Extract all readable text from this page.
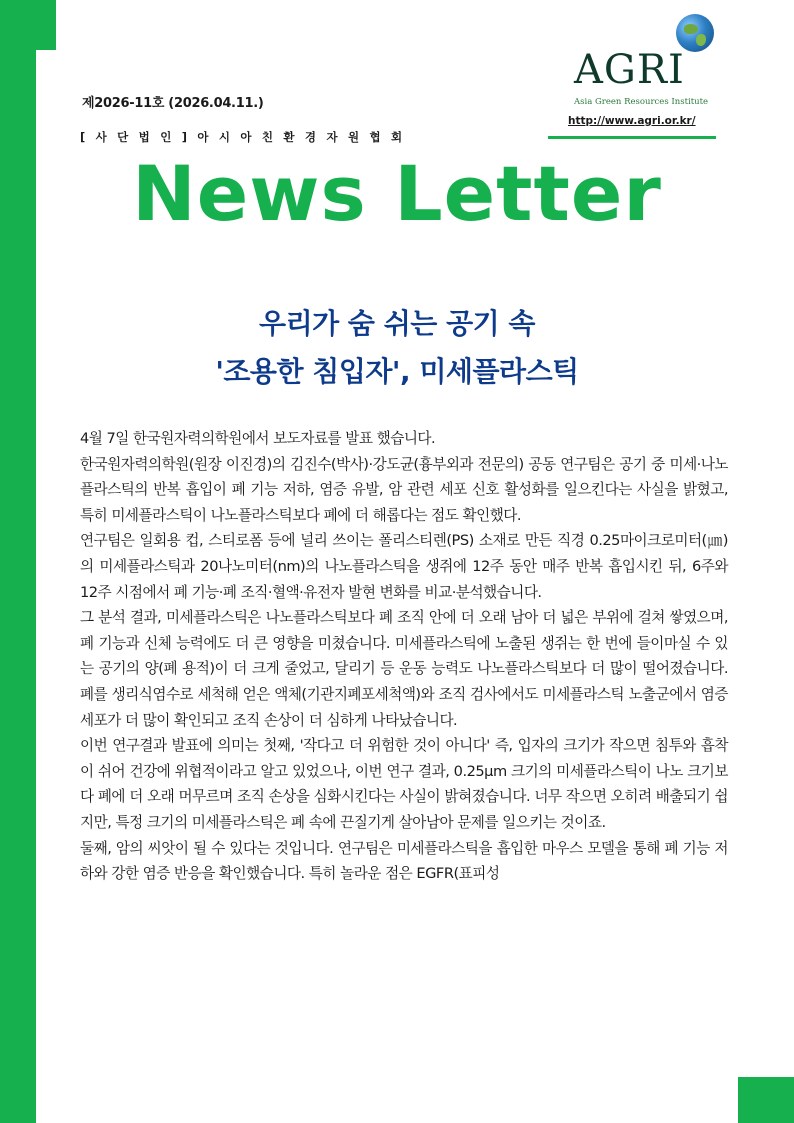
제2026-11호 (2026.04.11.)
[ 사 단 법 인 ] 아 시 아 친 환 경 자 원 협 회
AGRI
Asia Green Resources Institute
http://www.agri.or.kr/
News Letter
우리가 숨 쉬는 공기 속
'조용한 침입자', 미세플라스틱

4월 7일 한국원자력의학원에서 보도자료를 발표 했습니다.

한국원자력의학원(원장 이진경)의 김진수(박사)·강도균(흉부외과 전문의) 공동 연구팀은 공기 중 미세·나노플라스틱의 반복 흡입이 폐 기능 저하, 염증 유발, 암 관련 세포 신호 활성화를 일으킨다는 사실을 밝혔고, 특히 미세플라스틱이 나노플라스틱보다 폐에 더 해롭다는 점도 확인했다.

연구팀은 일회용 컵, 스티로폼 등에 널리 쓰이는 폴리스티렌(PS) 소재로 만든 직경 0.25마이크로미터(㎛)의 미세플라스틱과 20나노미터(nm)의 나노플라스틱을 생쥐에 12주 동안 매주 반복 흡입시킨 뒤, 6주와 12주 시점에서 폐 기능·폐 조직·혈액·유전자 발현 변화를 비교·분석했습니다.

그 분석 결과, 미세플라스틱은 나노플라스틱보다 폐 조직 안에 더 오래 남아 더 넓은 부위에 걸쳐 쌓였으며, 폐 기능과 신체 능력에도 더 큰 영향을 미쳤습니다. 미세플라스틱에 노출된 생쥐는 한 번에 들이마실 수 있는 공기의 양(폐 용적)이 더 크게 줄었고, 달리기 등 운동 능력도 나노플라스틱보다 더 많이 떨어졌습니다. 폐를 생리식염수로 세척해 얻은 액체(기관지폐포세척액)와 조직 검사에서도 미세플라스틱 노출군에서 염증 세포가 더 많이 확인되고 조직 손상이 더 심하게 나타났습니다.

이번 연구결과 발표에 의미는 첫째, '작다고 더 위험한 것이 아니다' 즉, 입자의 크기가 작으면 침투와 흡착이 쉬어 건강에 위협적이라고 알고 있었으나, 이번 연구 결과, 0.25μm 크기의 미세플라스틱이 나노 크기보다 폐에 더 오래 머무르며 조직 손상을 심화시킨다는 사실이 밝혀졌습니다. 너무 작으면 오히려 배출되기 쉽지만, 특정 크기의 미세플라스틱은 폐 속에 끈질기게 살아남아 문제를 일으키는 것이죠.

둘째, 암의 씨앗이 될 수 있다는 것입니다. 연구팀은 미세플라스틱을 흡입한 마우스 모델을 통해 폐 기능 저하와 강한 염증 반응을 확인했습니다. 특히 놀라운 점은 EGFR(표피성
